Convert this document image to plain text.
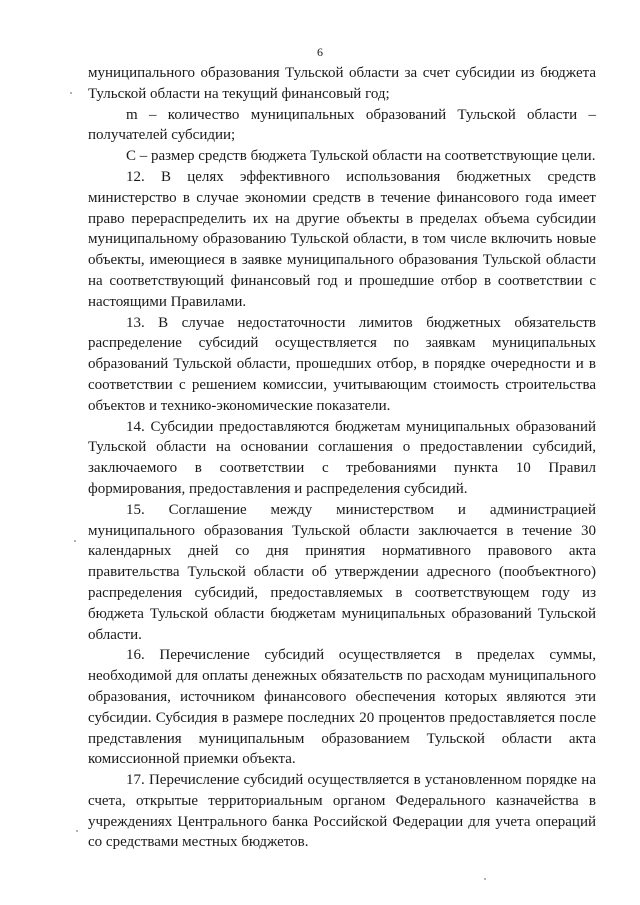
6

муниципального образования Тульской области за счет субсидии из бюджета Тульской области на текущий финансовый год;

m – количество муниципальных образований Тульской области – получателей субсидии;

С – размер средств бюджета Тульской области на соответствующие цели.

12. В целях эффективного использования бюджетных средств министерство в случае экономии средств в течение финансового года имеет право перераспределить их на другие объекты в пределах объема субсидии муниципальному образованию Тульской области, в том числе включить новые объекты, имеющиеся в заявке муниципального образования Тульской области на соответствующий финансовый год и прошедшие отбор в соответствии с настоящими Правилами.

13. В случае недостаточности лимитов бюджетных обязательств распределение субсидий осуществляется по заявкам муниципальных образований Тульской области, прошедших отбор, в порядке очередности и в соответствии с решением комиссии, учитывающим стоимость строительства объектов и технико-экономические показатели.

14. Субсидии предоставляются бюджетам муниципальных образований Тульской области на основании соглашения о предоставлении субсидий, заключаемого в соответствии с требованиями пункта 10 Правил формирования, предоставления и распределения субсидий.

15. Соглашение между министерством и администрацией муниципального образования Тульской области заключается в течение 30 календарных дней со дня принятия нормативного правового акта правительства Тульской области об утверждении адресного (пообъектного) распределения субсидий, предоставляемых в соответствующем году из бюджета Тульской области бюджетам муниципальных образований Тульской области.

16. Перечисление субсидий осуществляется в пределах суммы, необходимой для оплаты денежных обязательств по расходам муниципального образования, источником финансового обеспечения которых являются эти субсидии. Субсидия в размере последних 20 процентов предоставляется после представления муниципальным образованием Тульской области акта комиссионной приемки объекта.

17. Перечисление субсидий осуществляется в установленном порядке на счета, открытые территориальным органом Федерального казначейства в учреждениях Центрального банка Российской Федерации для учета операций со средствами местных бюджетов.
